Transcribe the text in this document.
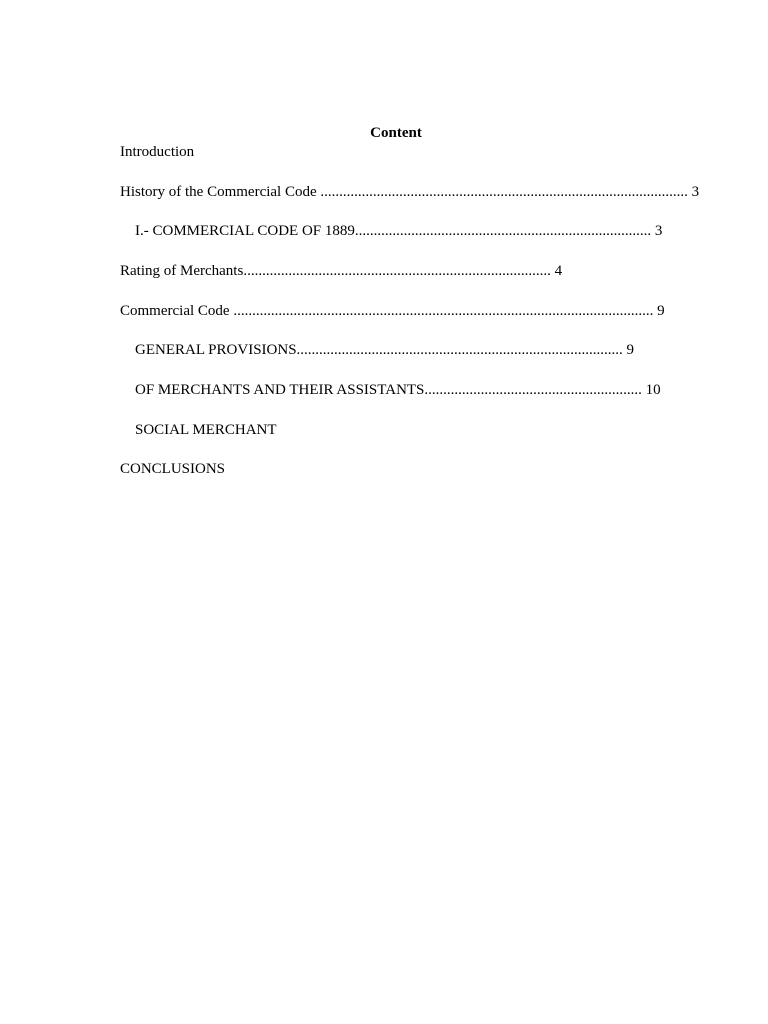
Content
Introduction
History of the Commercial Code .................................................................................................. 3
I.- COMMERCIAL CODE OF 1889............................................................................... 3
Rating of Merchants.................................................................................. 4
Commercial Code ................................................................................................................ 9
GENERAL PROVISIONS....................................................................................... 9
OF MERCHANTS AND THEIR ASSISTANTS.......................................................... 10
SOCIAL MERCHANT
CONCLUSIONS
